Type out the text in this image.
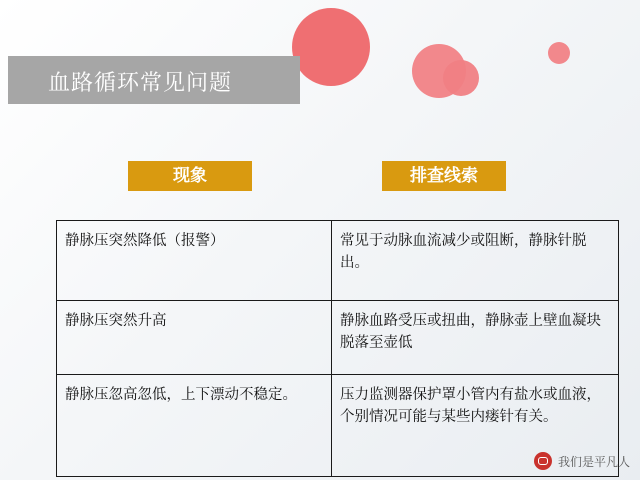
血路循环常见问题
现象	排查线索
静脉压突然降低（报警）	常见于动脉血流减少或阻断，静脉针脱出。
静脉压突然升高	静脉血路受压或扭曲，静脉壶上壁血凝块脱落至壶低
静脉压忽高忽低，上下漂动不稳定。	压力监测器保护罩小管内有盐水或血液，个别情况可能与某些内瘘针有关。
我们是平凡人
